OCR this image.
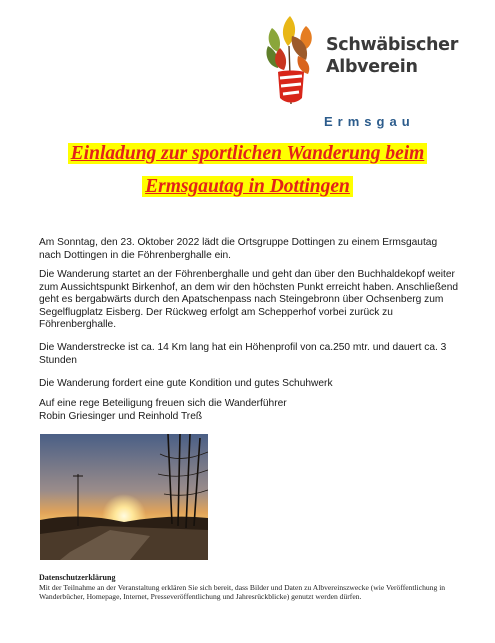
Schwäbischer
Albverein
Ermsgau
Einladung zur sportlichen Wanderung beim
Ermsgautag in Dottingen

Am Sonntag, den 23. Oktober 2022 lädt die Ortsgruppe Dottingen zu einem Ermsgautag nach Dottingen in die Föhrenberghalle ein.

Die Wanderung startet an der Föhrenberghalle und geht dan über den Buchhaldekopf weiter zum Aussichtspunkt Birkenhof, an dem wir den höchsten Punkt erreicht haben. Anschließend geht es bergabwärts durch den Apatschenpass nach Steingebronn über Ochsenberg zum Segelflugplatz Eisberg. Der Rückweg erfolgt am Schepperhof vorbei zurück zu Föhrenberghalle.

Die Wanderstrecke ist ca. 14 Km lang hat ein Höhenprofil von ca.250 mtr. und dauert ca. 3 Stunden

Die Wanderung fordert eine gute Kondition und gutes Schuhwerk

Auf eine rege Beteiligung freuen sich die Wanderführer

Robin Griesinger und Reinhold Treß

Datenschutzerklärung
Mit der Teilnahme an der Veranstaltung erklären Sie sich bereit, dass Bilder und Daten zu Albvereinszwecke (wie Veröffentlichung in Wanderbücher, Homepage, Internet, Presseveröffentlichung und Jahresrückblicke) genutzt werden dürfen.
